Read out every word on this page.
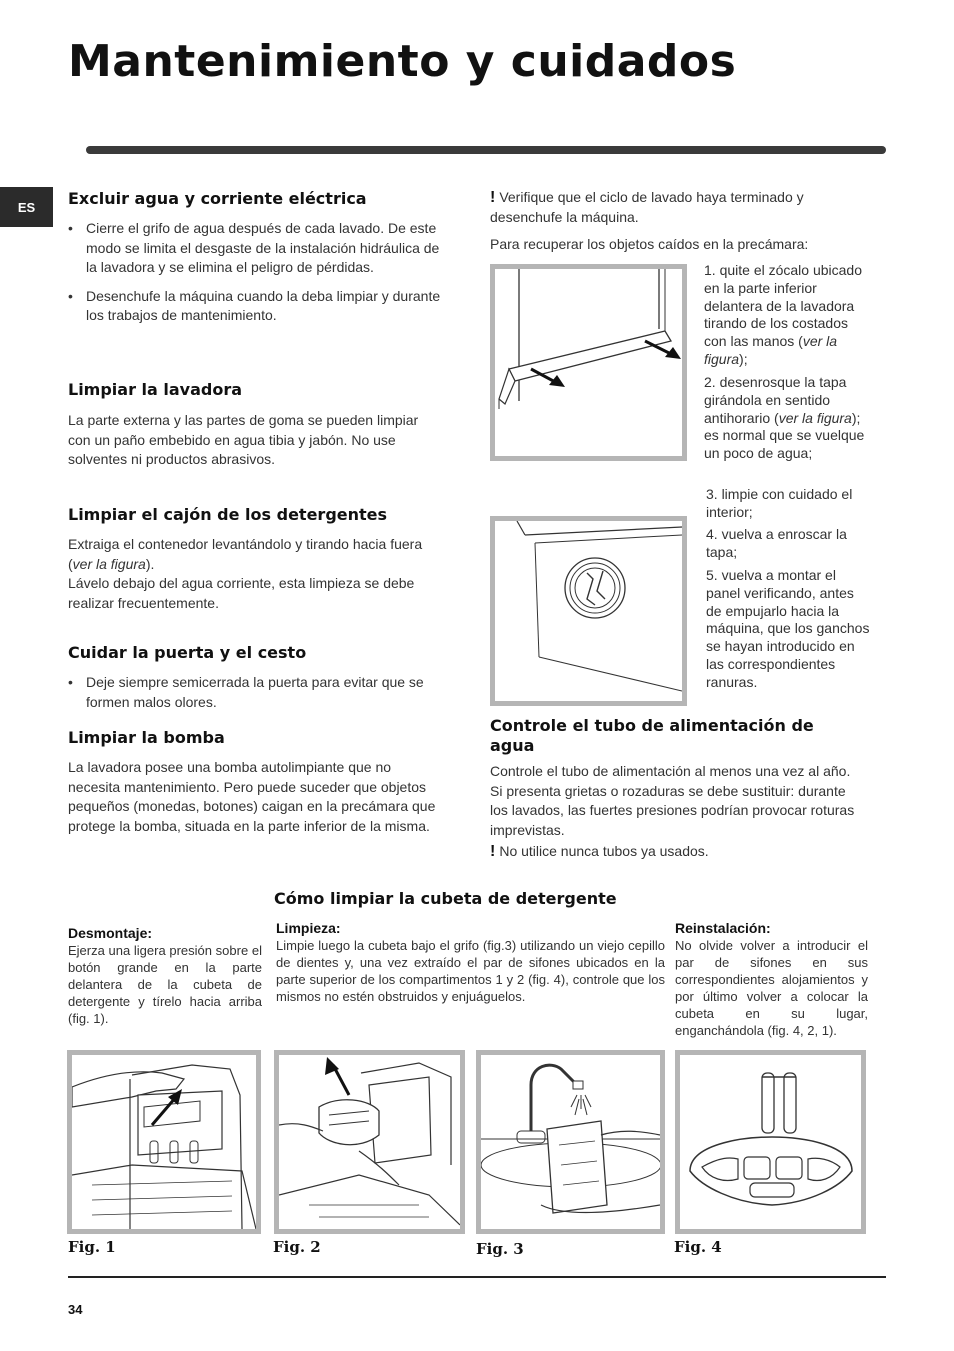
Mantenimiento y cuidados
ES	Excluir agua y corriente eléctrica
• Cierre el grifo de agua después de cada lavado. De este modo se limita el desgaste de la instalación hidráulica de la lavadora y se elimina el peligro de pérdidas.
• Desenchufe la máquina cuando la deba limpiar y durante los trabajos de mantenimiento.
Limpiar la lavadora

La parte externa y las partes de goma se pueden limpiar con un paño embebido en agua tibia y jabón. No use solventes ni productos abrasivos.

Limpiar el cajón de los detergentes

Extraiga el contenedor levantándolo y tirando hacia fuera (ver la figura).
Lávelo debajo del agua corriente, esta limpieza se debe realizar frecuentemente.

Cuidar la puerta y el cesto
• Deje siempre semicerrada la puerta para evitar que se formen malos olores.
Limpiar la bomba

La lavadora posee una bomba autolimpiante que no necesita mantenimiento. Pero puede suceder que objetos pequeños (monedas, botones) caigan en la precámara que protege la bomba, situada en la parte inferior de la misma.

! Verifique que el ciclo de lavado haya terminado y desenchufe la máquina.

Para recuperar los objetos caídos en la precámara:

1. quite el zócalo ubicado en la parte inferior delantera de la lavadora tirando de los costados con las manos (ver la figura);
2. desenrosque la tapa girándola en sentido antihorario (ver la figura); es normal que se vuelque un poco de agua;
3. limpie con cuidado el interior;
4. vuelva a enroscar la tapa;
5. vuelva a montar el panel verificando, antes de empujarlo hacia la máquina, que los ganchos se hayan introducido en las correspondientes ranuras.
Controle el tubo de alimentación de agua

Controle el tubo de alimentación al menos una vez al año. Si presenta grietas o rozaduras se debe sustituir: durante los lavados, las fuertes presiones podrían provocar roturas imprevistas.

! No utilice nunca tubos ya usados.

Cómo limpiar la cubeta de detergente
Desmontaje:

Ejerza una ligera presión sobre el botón grande en la parte delantera de la cubeta de detergente y tírelo hacia arriba (fig. 1).

Limpieza:

Limpie luego la cubeta bajo el grifo (fig.3) utilizando un viejo cepillo de dientes y, una vez extraído el par de sifones ubicados en la parte superior de los compartimentos 1 y 2 (fig. 4), controle que los mismos no estén obstruidos y enjuáguelos.

Reinstalación:

No olvide volver a introducir el par de sifones en sus correspondientes alojamientos y por último volver a colocar la cubeta en su lugar, enganchándola (fig. 4, 2, 1).

Fig. 1	Fig. 2	Fig. 3	Fig. 4
34
